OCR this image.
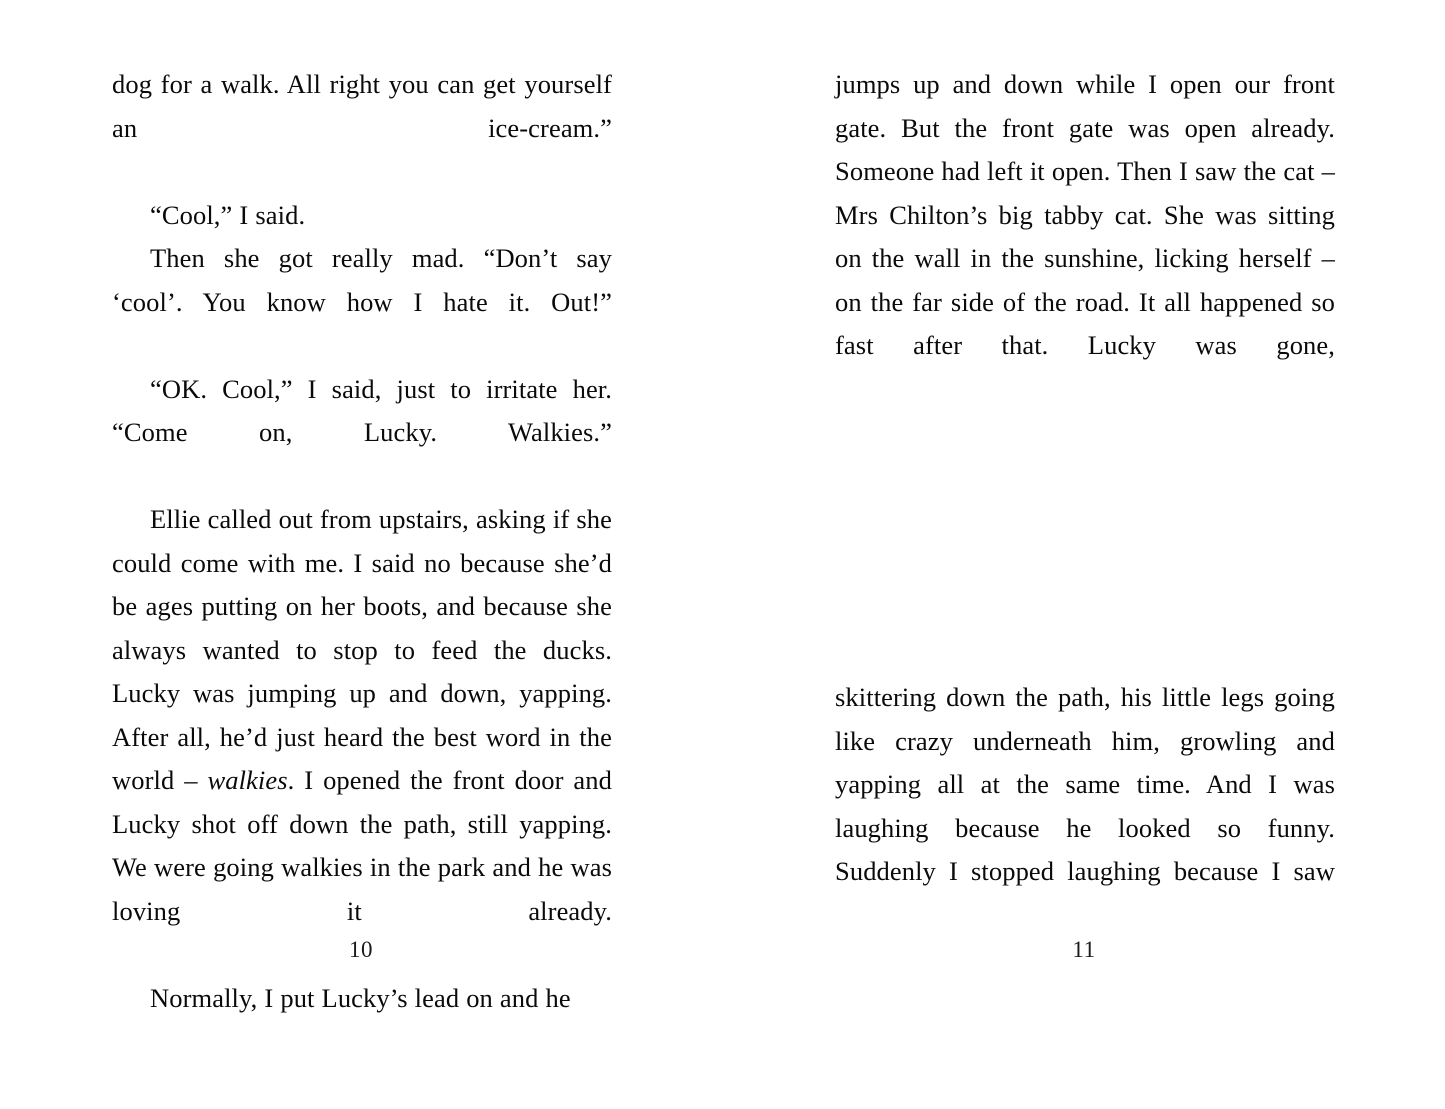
dog for a walk. All right you can get yourself an ice-cream.”

“Cool,” I said.

Then she got really mad. “Don’t say ‘cool’. You know how I hate it. Out!”

“OK. Cool,” I said, just to irritate her. “Come on, Lucky. Walkies.”

Ellie called out from upstairs, asking if she could come with me. I said no because she’d be ages putting on her boots, and because she always wanted to stop to feed the ducks. Lucky was jumping up and down, yapping. After all, he’d just heard the best word in the world – walkies. I opened the front door and Lucky shot off down the path, still yapping. We were going walkies in the park and he was loving it already.

Normally, I put Lucky’s lead on and he

10

jumps up and down while I open our front gate. But the front gate was open already. Someone had left it open. Then I saw the cat – Mrs Chilton’s big tabby cat. She was sitting on the wall in the sunshine, licking herself – on the far side of the road. It all happened so fast after that. Lucky was gone,

skittering down the path, his little legs going like crazy underneath him, growling and yapping all at the same time. And I was laughing because he looked so funny. Suddenly I stopped laughing because I saw

11
